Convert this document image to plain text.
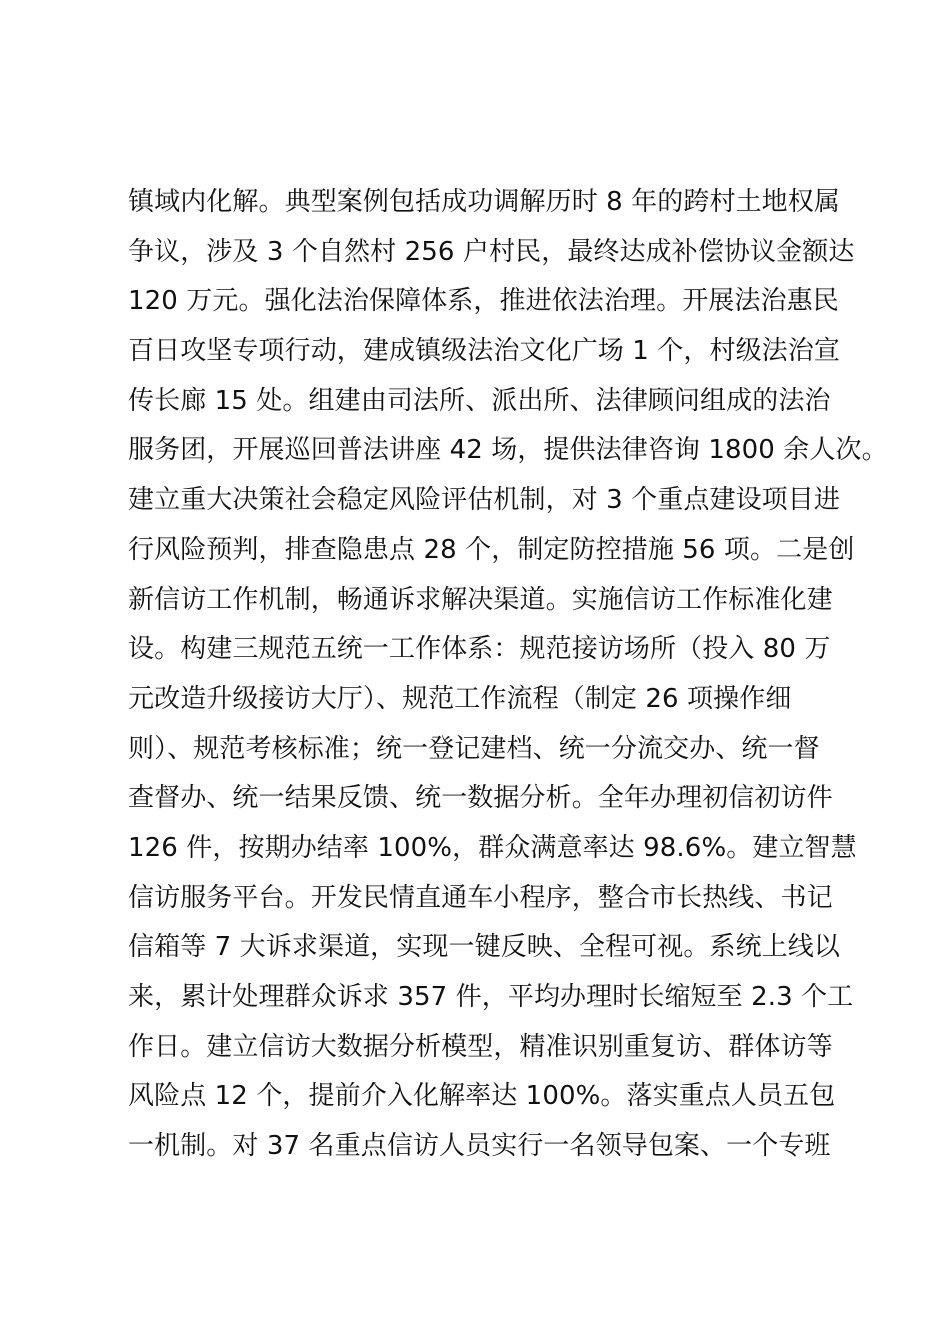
镇域内化解。典型案例包括成功调解历时 8 年的跨村土地权属
争议，涉及 3 个自然村 256 户村民，最终达成补偿协议金额达
120 万元。强化法治保障体系，推进依法治理。开展法治惠民
百日攻坚专项行动，建成镇级法治文化广场 1 个，村级法治宣
传长廊 15 处。组建由司法所、派出所、法律顾问组成的法治
服务团，开展巡回普法讲座 42 场，提供法律咨询 1800 余人次。
建立重大决策社会稳定风险评估机制，对 3 个重点建设项目进
行风险预判，排查隐患点 28 个，制定防控措施 56 项。二是创
新信访工作机制，畅通诉求解决渠道。实施信访工作标准化建
设。构建三规范五统一工作体系：规范接访场所（投入 80 万
元改造升级接访大厅）、规范工作流程（制定 26 项操作细
则）、规范考核标准；统一登记建档、统一分流交办、统一督
查督办、统一结果反馈、统一数据分析。全年办理初信初访件
126 件，按期办结率 100%，群众满意率达 98.6%。建立智慧
信访服务平台。开发民情直通车小程序，整合市长热线、书记
信箱等 7 大诉求渠道，实现一键反映、全程可视。系统上线以
来，累计处理群众诉求 357 件，平均办理时长缩短至 2.3 个工
作日。建立信访大数据分析模型，精准识别重复访、群体访等
风险点 12 个，提前介入化解率达 100%。落实重点人员五包
一机制。对 37 名重点信访人员实行一名领导包案、一个专班
